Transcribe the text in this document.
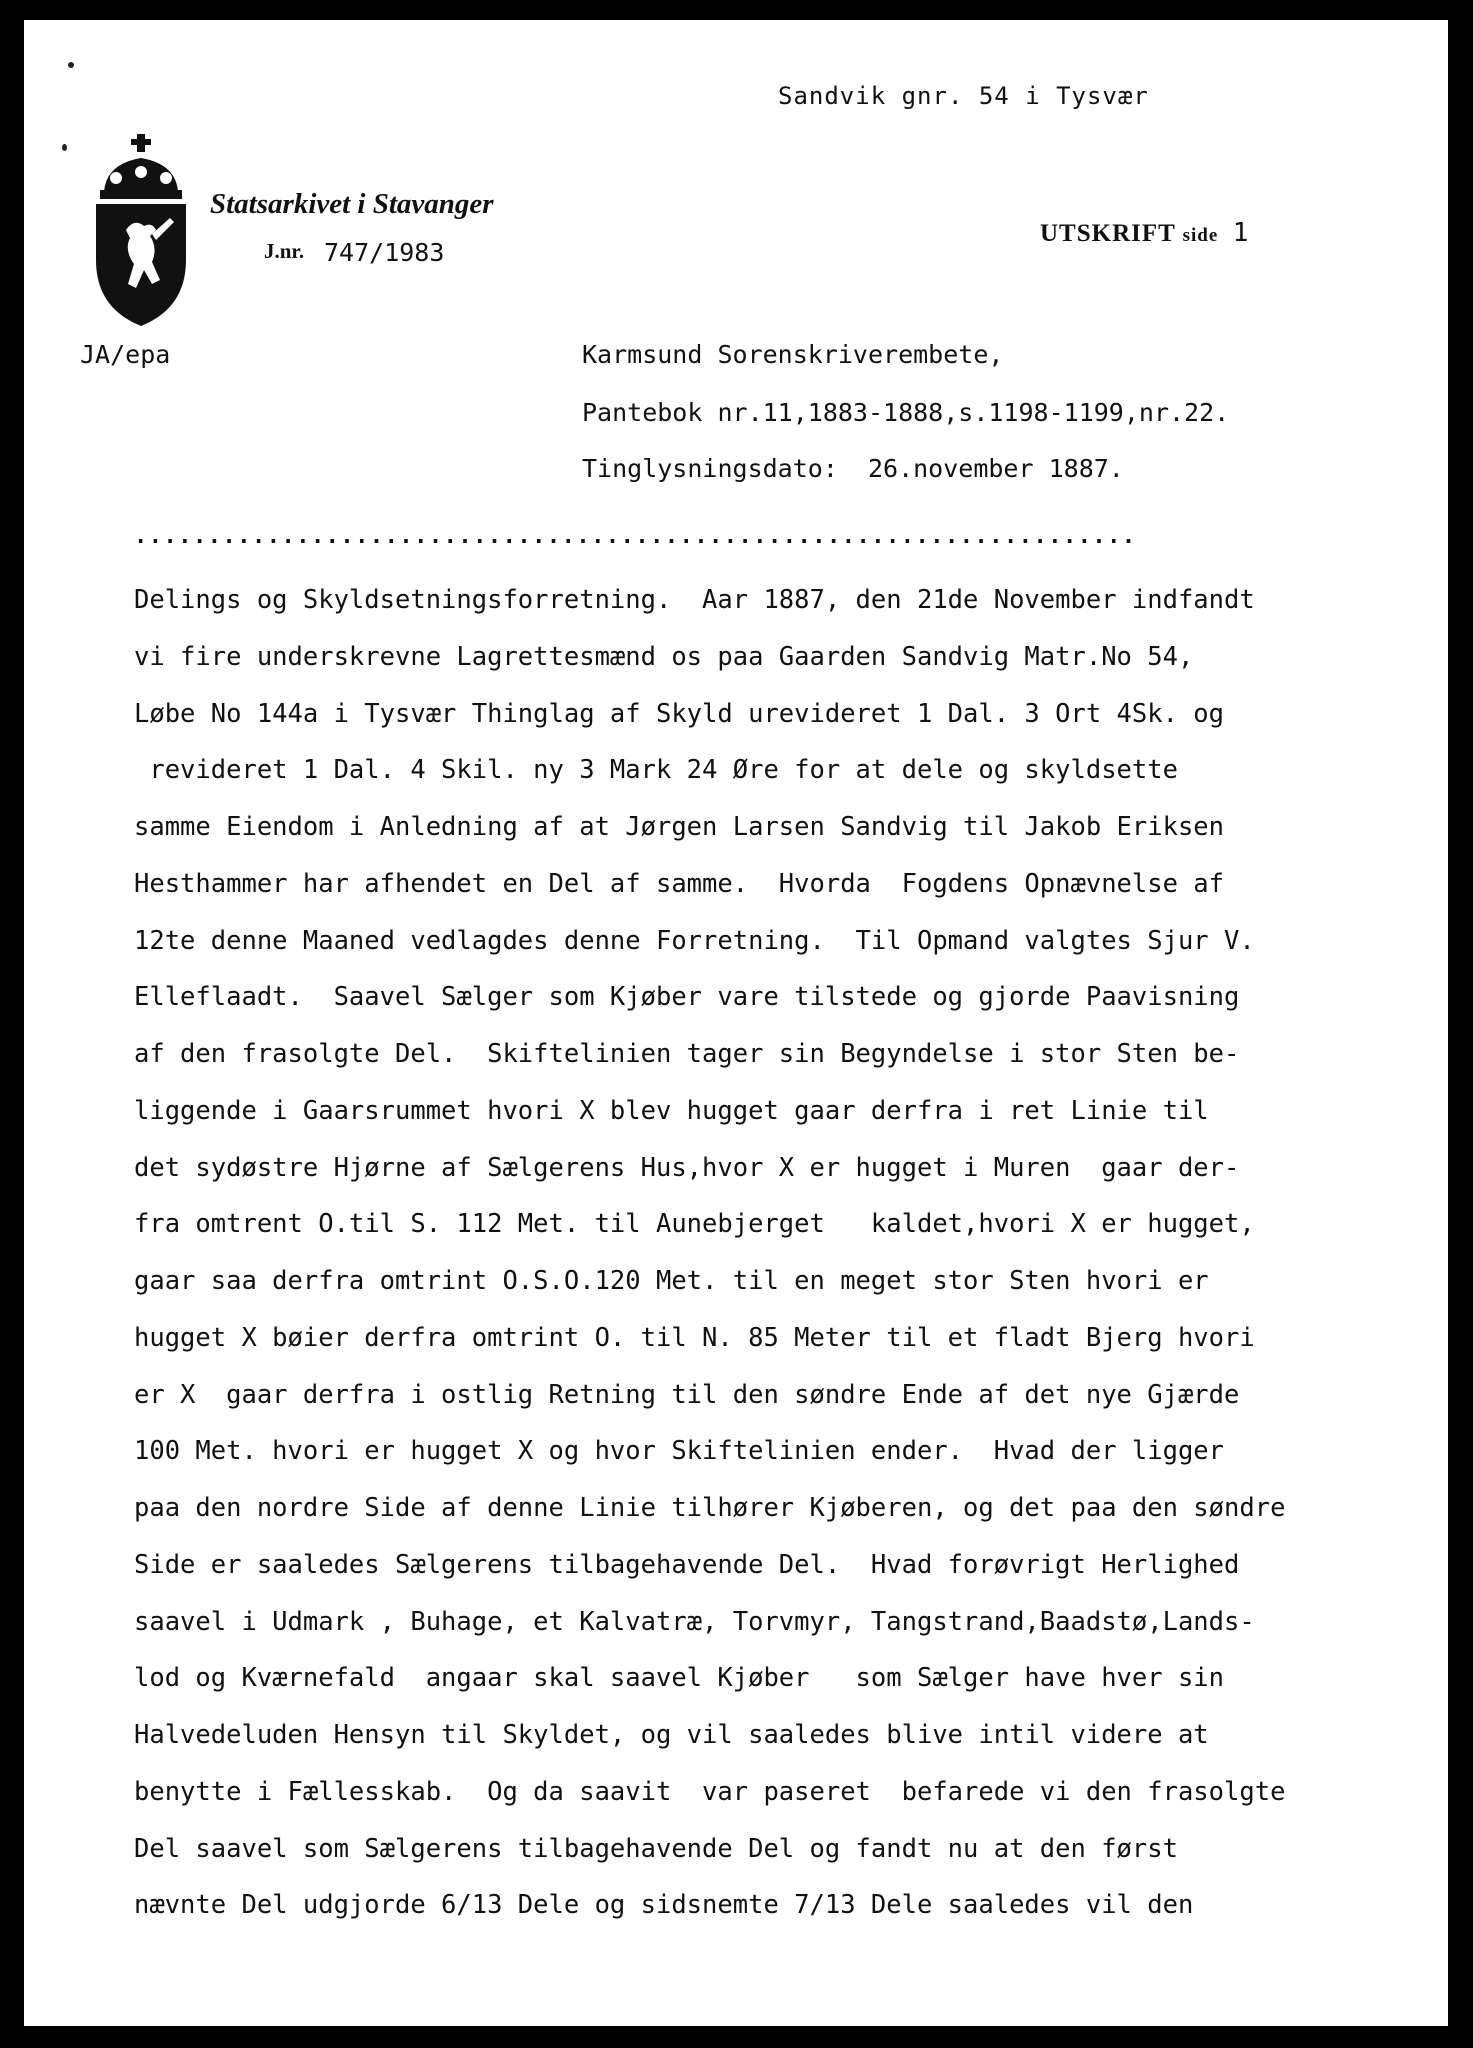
Sandvik gnr. 54 i Tysvær
Statsarkivet i Stavanger
J.nr. 747/1983
UTSKRIFT side 1
JA/epa	Karmsund Sorenskriverembete,
Pantebok nr.11,1883-1888,s.1198-1199,nr.22.
Tinglysningsdato:  26.november 1887.
....................................................................
Delings og Skyldsetningsforretning.  Aar 1887, den 21de November indfandt
vi fire underskrevne Lagrettesmænd os paa Gaarden Sandvig Matr.No 54,
Løbe No 144a i Tysvær Thinglag af Skyld urevideret 1 Dal. 3 Ort 4Sk. og
revideret 1 Dal. 4 Skil. ny 3 Mark 24 Øre for at dele og skyldsette
samme Eiendom i Anledning af at Jørgen Larsen Sandvig til Jakob Eriksen
Hesthammer har afhendet en Del af samme.  Hvorda  Fogdens Opnævnelse af
12te denne Maaned vedlagdes denne Forretning.  Til Opmand valgtes Sjur V.
Elleflaadt.  Saavel Sælger som Kjøber vare tilstede og gjorde Paavisning
af den frasolgte Del.  Skiftelinien tager sin Begyndelse i stor Sten be-
liggende i Gaarsrummet hvori X blev hugget gaar derfra i ret Linie til
det sydøstre Hjørne af Sælgerens Hus,hvor X er hugget i Muren  gaar der-
fra omtrent O.til S. 112 Met. til Aunebjerget   kaldet,hvori X er hugget,
gaar saa derfra omtrint O.S.O.120 Met. til en meget stor Sten hvori er
hugget X bøier derfra omtrint O. til N. 85 Meter til et fladt Bjerg hvori
er X  gaar derfra i ostlig Retning til den søndre Ende af det nye Gjærde
100 Met. hvori er hugget X og hvor Skiftelinien ender.  Hvad der ligger
paa den nordre Side af denne Linie tilhører Kjøberen, og det paa den søndre
Side er saaledes Sælgerens tilbagehavende Del.  Hvad forøvrigt Herlighed
saavel i Udmark , Buhage, et Kalvatræ, Torvmyr, Tangstrand,Baadstø,Lands-
lod og Kværnefald  angaar skal saavel Kjøber   som Sælger have hver sin
Halvedeluden Hensyn til Skyldet, og vil saaledes blive intil videre at
benytte i Fællesskab.  Og da saavit  var paseret  befarede vi den frasolgte
Del saavel som Sælgerens tilbagehavende Del og fandt nu at den først
nævnte Del udgjorde 6/13 Dele og sidsnemte 7/13 Dele saaledes vil den
